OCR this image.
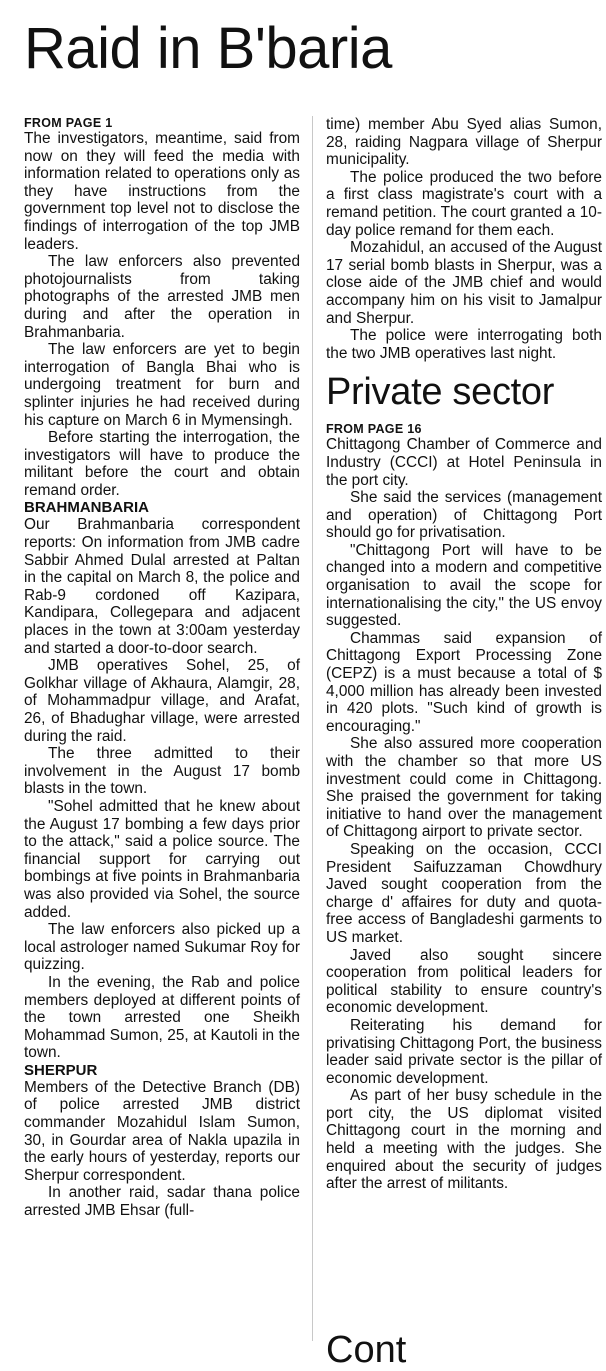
Raid in B'baria
FROM PAGE 1

The investigators, meantime, said from now on they will feed the media with information related to operations only as they have instructions from the government top level not to disclose the findings of interrogation of the top JMB leaders.

The law enforcers also prevented photojournalists from taking photographs of the arrested JMB men during and after the operation in Brahmanbaria.

The law enforcers are yet to begin interrogation of Bangla Bhai who is undergoing treatment for burn and splinter injuries he had received during his capture on March 6 in Mymensingh.

Before starting the interrogation, the investigators will have to produce the militant before the court and obtain remand order.

BRAHMANBARIA

Our Brahmanbaria correspondent reports: On information from JMB cadre Sabbir Ahmed Dulal arrested at Paltan in the capital on March 8, the police and Rab-9 cordoned off Kazipara, Kandipara, Collegepara and adjacent places in the town at 3:00am yesterday and started a door-to-door search.

JMB operatives Sohel, 25, of Golkhar village of Akhaura, Alamgir, 28, of Mohammadpur village, and Arafat, 26, of Bhadughar village, were arrested during the raid.

The three admitted to their involvement in the August 17 bomb blasts in the town.

"Sohel admitted that he knew about the August 17 bombing a few days prior to the attack," said a police source. The financial support for carrying out bombings at five points in Brahmanbaria was also provided via Sohel, the source added.

The law enforcers also picked up a local astrologer named Sukumar Roy for quizzing.

In the evening, the Rab and police members deployed at different points of the town arrested one Sheikh Mohammad Sumon, 25, at Kautoli in the town.

SHERPUR

Members of the Detective Branch (DB) of police arrested JMB district commander Mozahidul Islam Sumon, 30, in Gourdar area of Nakla upazila in the early hours of yesterday, reports our Sherpur correspondent.

In another raid, sadar thana police arrested JMB Ehsar (full-

time) member Abu Syed alias Sumon, 28, raiding Nagpara village of Sherpur municipality.

The police produced the two before a first class magistrate's court with a remand petition. The court granted a 10-day police remand for them each.

Mozahidul, an accused of the August 17 serial bomb blasts in Sherpur, was a close aide of the JMB chief and would accompany him on his visit to Jamalpur and Sherpur.

The police were interrogating both the two JMB operatives last night.

Private sector
FROM PAGE 16

Chittagong Chamber of Commerce and Industry (CCCI) at Hotel Peninsula in the port city.

She said the services (management and operation) of Chittagong Port should go for privatisation.

"Chittagong Port will have to be changed into a modern and competitive organisation to avail the scope for internationalising the city," the US envoy suggested.

Chammas said expansion of Chittagong Export Processing Zone (CEPZ) is a must because a total of $ 4,000 million has already been invested in 420 plots. "Such kind of growth is encouraging."

She also assured more cooperation with the chamber so that more US investment could come in Chittagong. She praised the government for taking initiative to hand over the management of Chittagong airport to private sector.

Speaking on the occasion, CCCI President Saifuzzaman Chowdhury Javed sought cooperation from the charge d' affaires for duty and quota-free access of Bangladeshi garments to US market.

Javed also sought sincere cooperation from political leaders for political stability to ensure country's economic development.

Reiterating his demand for privatising Chittagong Port, the business leader said private sector is the pillar of economic development.

As part of her busy schedule in the port city, the US diplomat visited Chittagong court in the morning and held a meeting with the judges. She enquired about the security of judges after the arrest of militants.

Cont
